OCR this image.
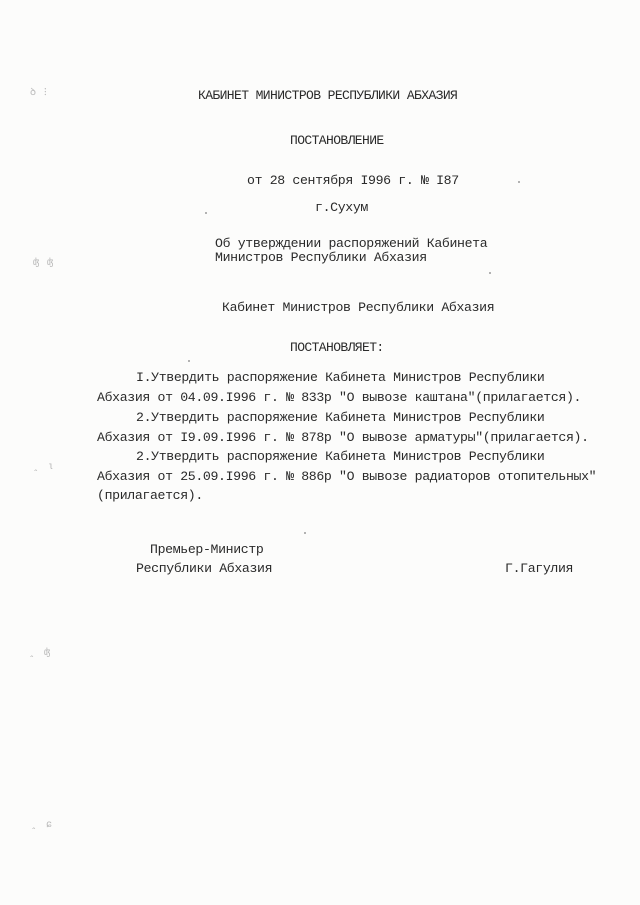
ꝺ ⁝
ʤ ʤ
ꞈ ɩ
ꞈ ʤ
ꞈ ɕ
КАБИНЕТ МИНИСТРОВ РЕСПУБЛИКИ АБХАЗИЯ
ПОСТАНОВЛЕНИЕ
от 28 сентября I996 г. № I87
г.Сухум
Об утверждении распоряжений Кабинета
Министров Республики Абхазия
Кабинет Министров Республики Абхазия
ПОСТАНОВЛЯЕТ:
I.Утвердить распоряжение Кабинета Министров Республики
Абхазия от 04.09.I996 г. № 833р "О вывозе каштана"(прилагается).
2.Утвердить распоряжение Кабинета Министров Республики
Абхазия от I9.09.I996 г. № 878р "О вывозе арматуры"(прилагается).
2.Утвердить распоряжение Кабинета Министров Республики
Абхазия от 25.09.I996 г. № 886р "О вывозе радиаторов отопительных"
(прилагается).
Премьер-Министр
Республики Абхазия	Г.Гагулия
